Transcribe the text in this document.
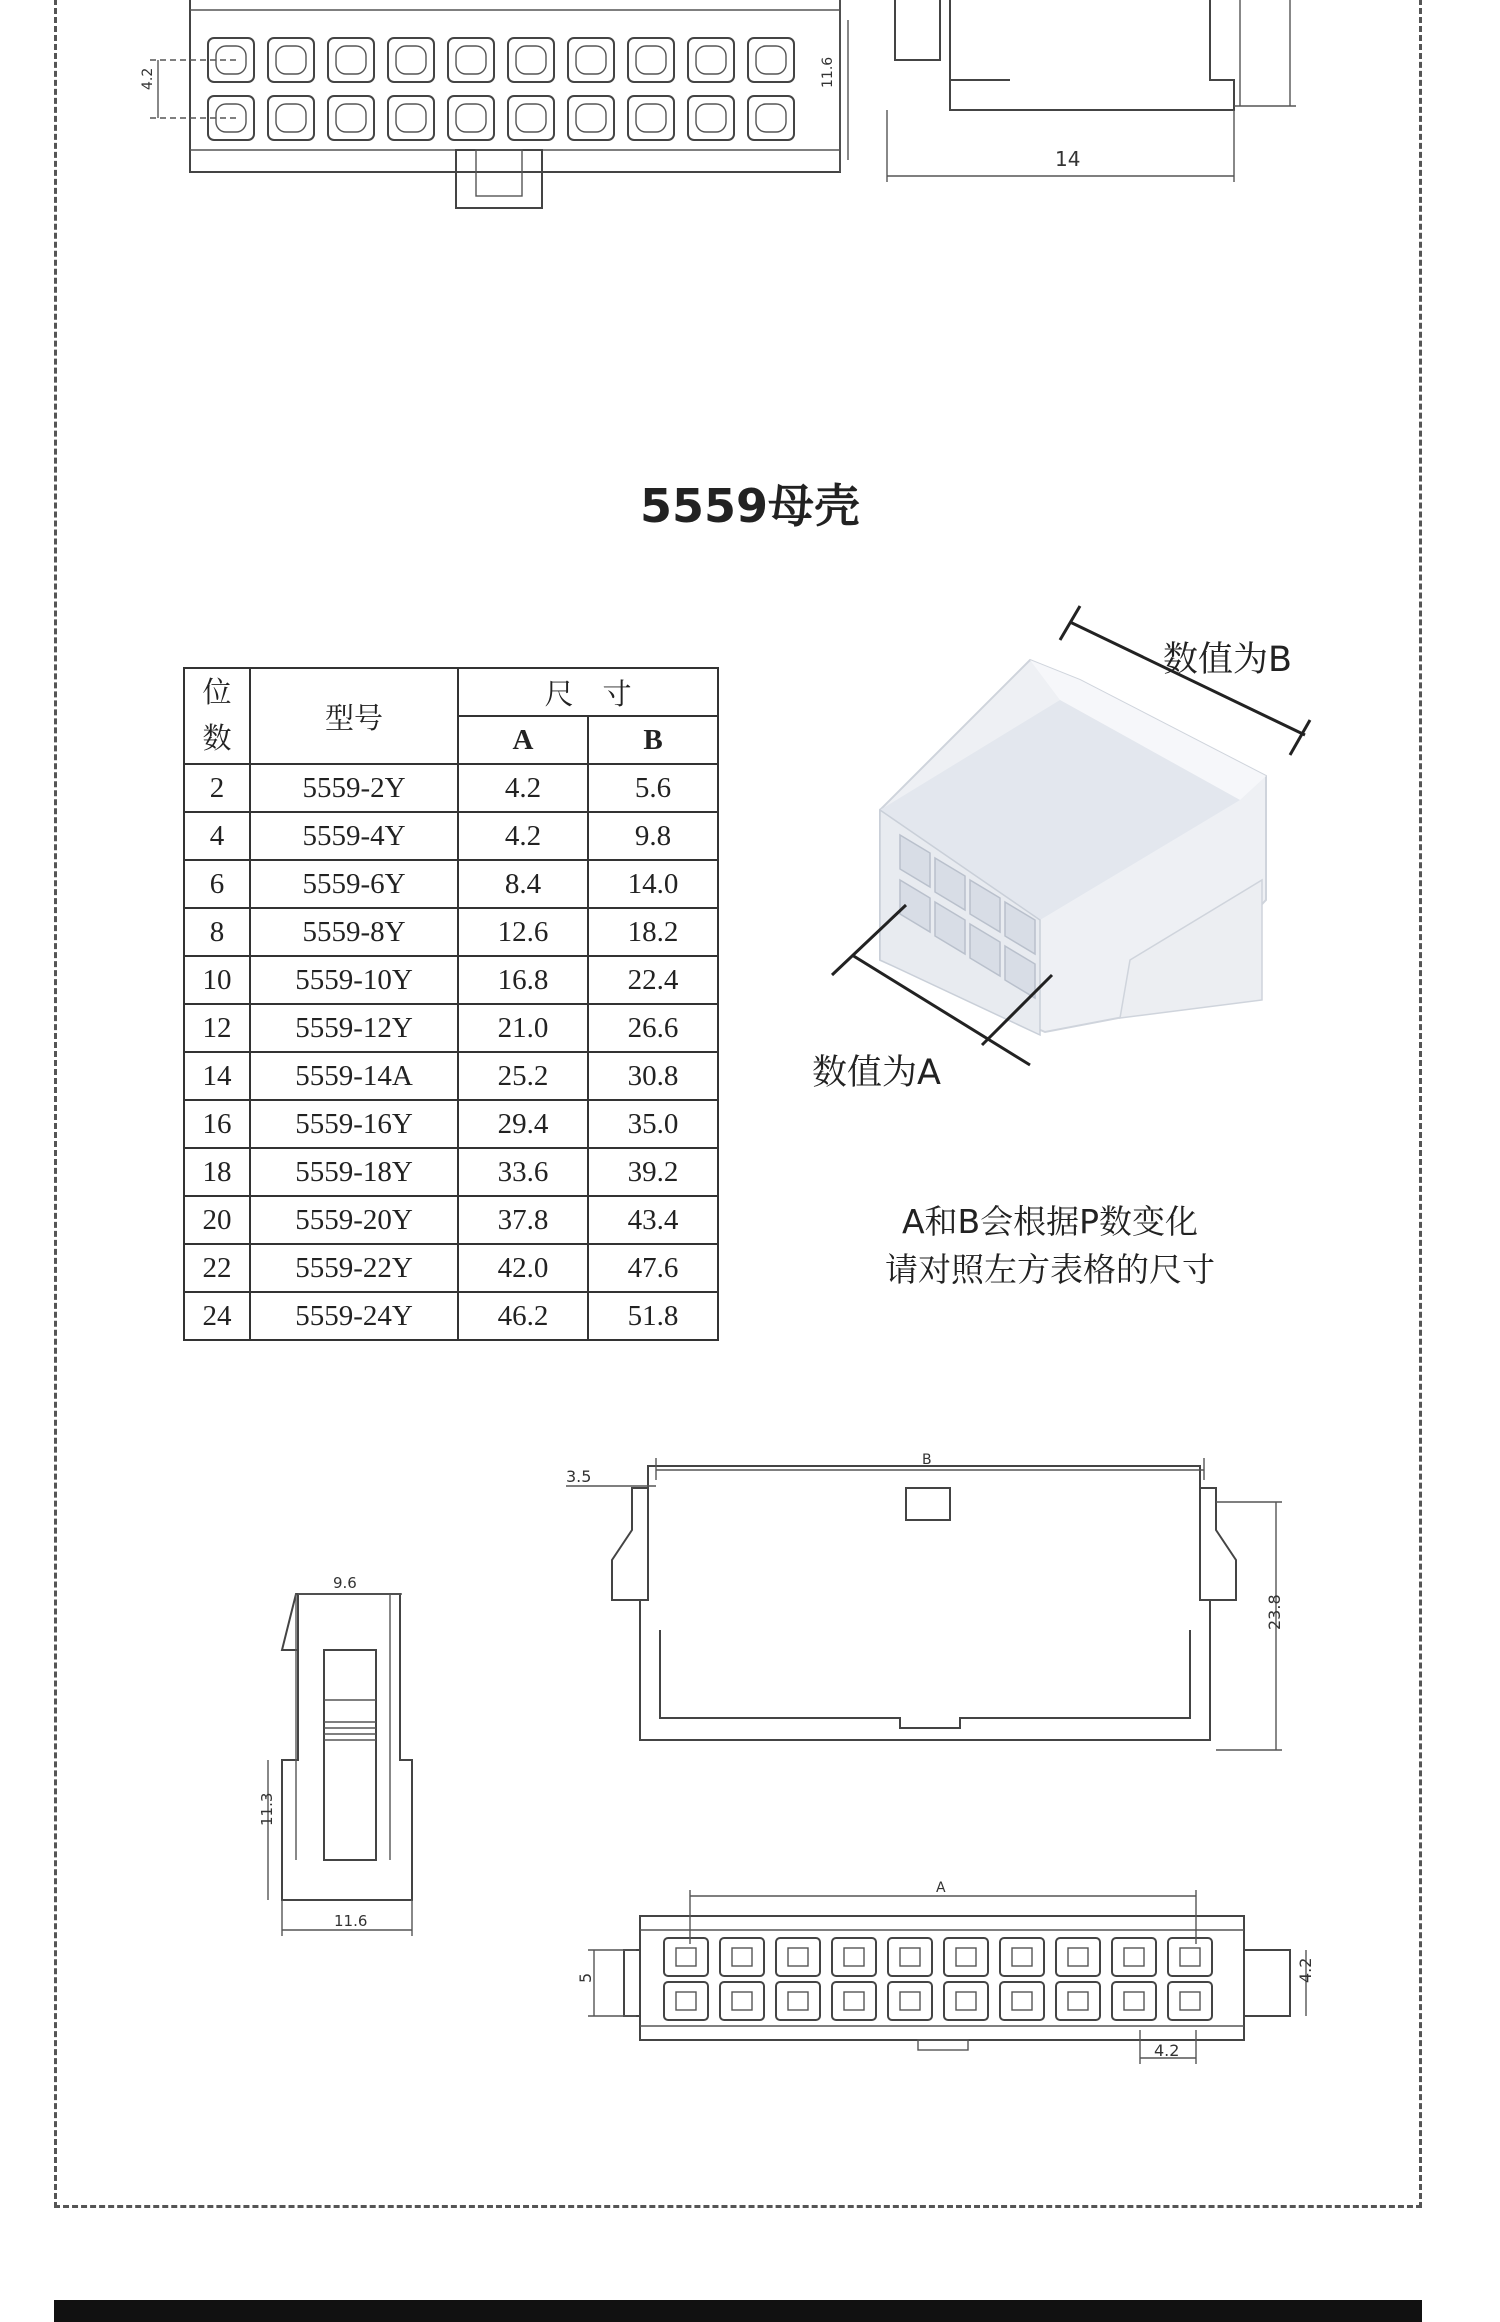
4.2	11.6
14
B
3.5
23.8
9.6
11.3
11.6
A
5	4.2
4.2
5559母壳
位
数	型号	尺　寸	
		A	B
2	5559-2Y	4.2	5.6
4	5559-4Y	4.2	9.8
6	5559-6Y	8.4	14.0
8	5559-8Y	12.6	18.2
10	5559-10Y	16.8	22.4
12	5559-12Y	21.0	26.6
14	5559-14A	25.2	30.8
16	5559-16Y	29.4	35.0
18	5559-18Y	33.6	39.2
20	5559-20Y	37.8	43.4
22	5559-22Y	42.0	47.6
24	5559-24Y	46.2	51.8
数值为B
数值为A
A和B会根据P数变化
请对照左方表格的尺寸
